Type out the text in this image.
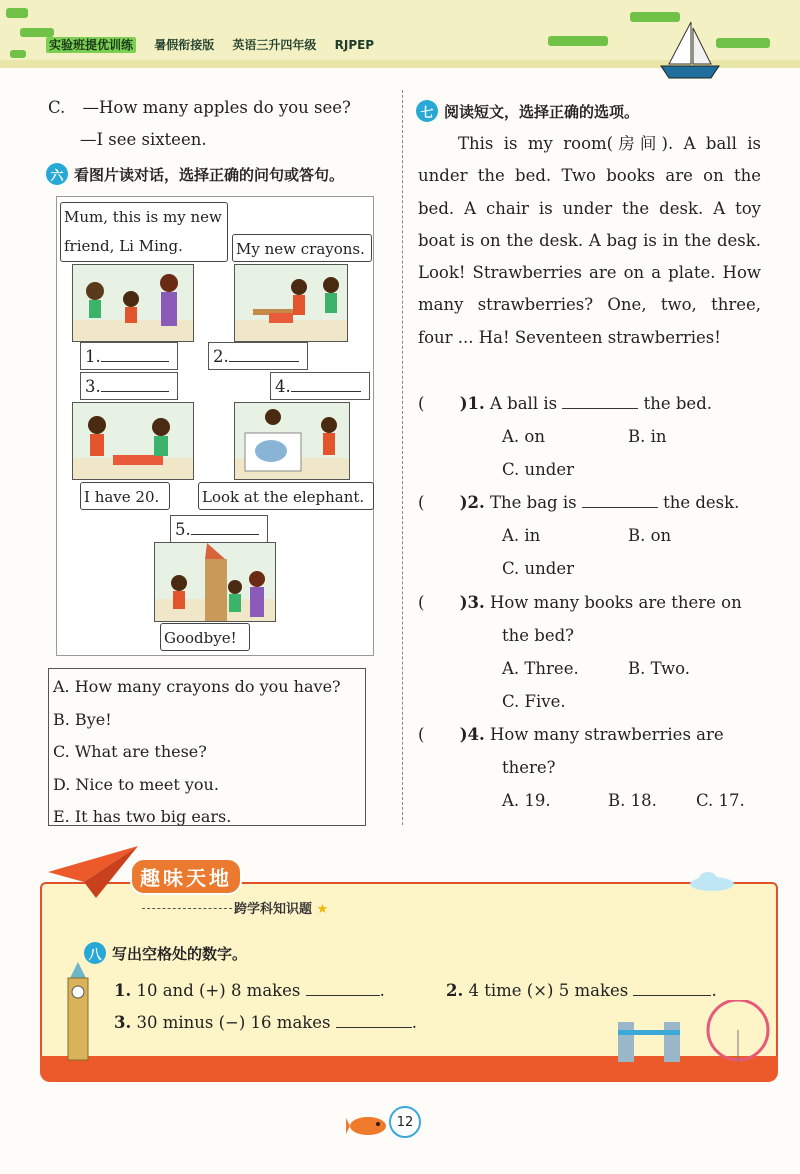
实验班提优训练 暑假衔接版 英语三升四年级 RJPEP
C. —How many apples do you see?
—I see sixteen.
六 看图片读对话，选择正确的问句或答句。
Mum, this is my new
friend, Li Ming.
1.
My new crayons.
2.
3.	4.
I have 20.	Look at the elephant.
5.
Goodbye!
A. How many crayons do you have?
B. Bye!
C. What are these?
D. Nice to meet you.
E. It has two big ears.
七 阅读短文，选择正确的选项。
This is my room(房间). A ball is under the bed. Two books are on the bed. A chair is under the desk. A toy boat is on the desk. A bag is in the desk. Look! Strawberries are on a plate. How many strawberries? One, two, three, four ... Ha! Seventeen strawberries!
( )1. A ball is	the bed.
A. on	B. in
C. under
( )2. The bag is	the desk.
A. in	B. on
C. under
( )3. How many books are there on
the bed?
A. Three.	B. Two.
C. Five.
( )4. How many strawberries are
there?
A. 19.	B. 18. C. 17.
趣味天地
跨学科知识题 ★
八 写出空格处的数字。
1. 10 and (+) 8 makes	.	2. 4 time (×) 5 makes	.
3. 30 minus (−) 16 makes	.
12
